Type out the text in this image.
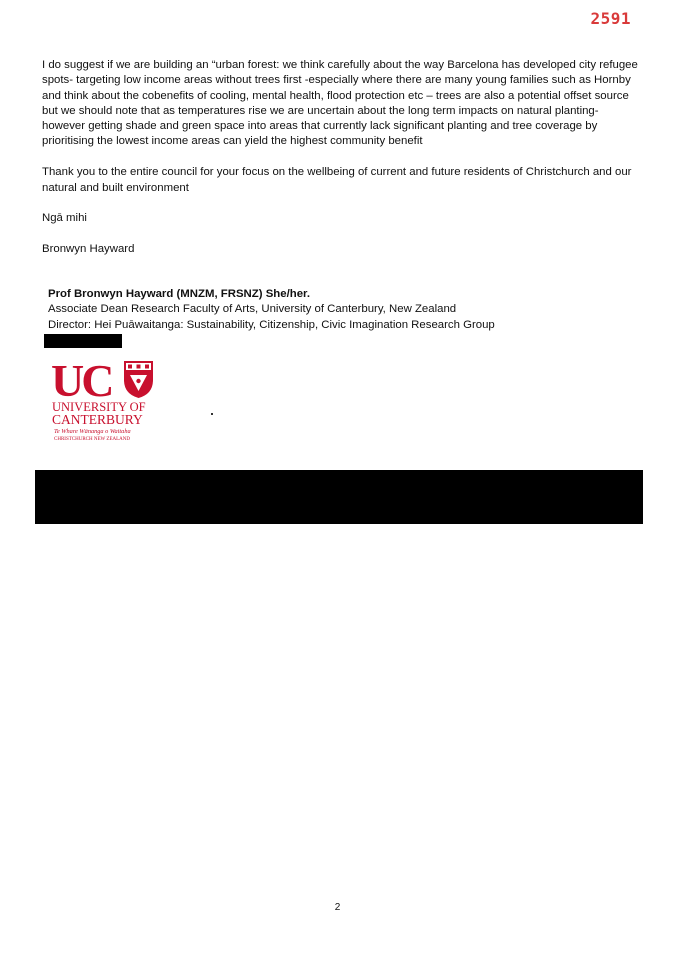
2591

I do suggest if we are building an “urban forest: we think carefully about the way Barcelona has developed city refugee spots- targeting low income areas without trees first -especially where there are many young families such as Hornby and think about the cobenefits of cooling, mental health, flood protection etc – trees are also a potential offset source but we should note that as temperatures rise we are uncertain about the long term impacts on natural planting- however getting shade and green space into areas that currently lack significant planting and tree coverage by prioritising the lowest income areas can yield the highest community benefit

Thank you to the entire council for your focus on the wellbeing of current and future residents of Christchurch and our natural and built environment

Ngā mihi

Bronwyn Hayward

Prof Bronwyn Hayward (MNZM, FRSNZ) She/her.
Associate Dean Research Faculty of Arts, University of Canterbury, New Zealand
Director: Hei Puāwaitanga: Sustainability, Citizenship, Civic Imagination Research Group
UC
UNIVERSITY OF
CANTERBURY
Te Whare Wānanga o Waitaha
CHRISTCHURCH NEW ZEALAND
2
